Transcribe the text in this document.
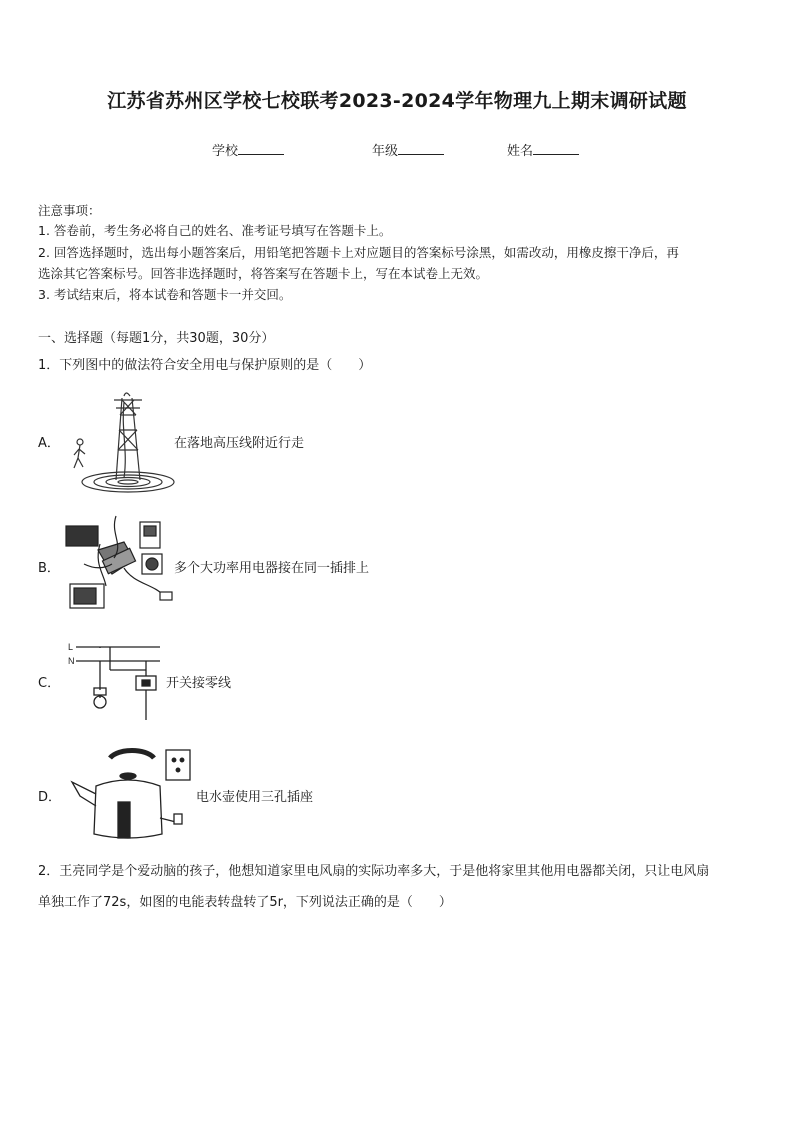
江苏省苏州区学校七校联考2023-2024学年物理九上期末调研试题
学校	年级	姓名
注意事项：
1. 答卷前，考生务必将自己的姓名、准考证号填写在答题卡上。
2. 回答选择题时，选出每小题答案后，用铅笔把答题卡上对应题目的答案标号涂黑，如需改动，用橡皮擦干净后，再
选涂其它答案标号。回答非选择题时，将答案写在答题卡上，写在本试卷上无效。
3. 考试结束后，将本试卷和答题卡一并交回。
一、选择题（每题1分，共30题，30分）
1．下列图中的做法符合安全用电与保护原则的是（　　）
A．	在落地高压线附近行走
B．	多个大功率用电器接在同一插排上
C．
L
N
开关接零线
D．	电水壶使用三孔插座
2．王亮同学是个爱动脑的孩子，他想知道家里电风扇的实际功率多大，于是他将家里其他用电器都关闭，只让电风扇
单独工作了72s，如图的电能表转盘转了5r，下列说法正确的是（　　）
